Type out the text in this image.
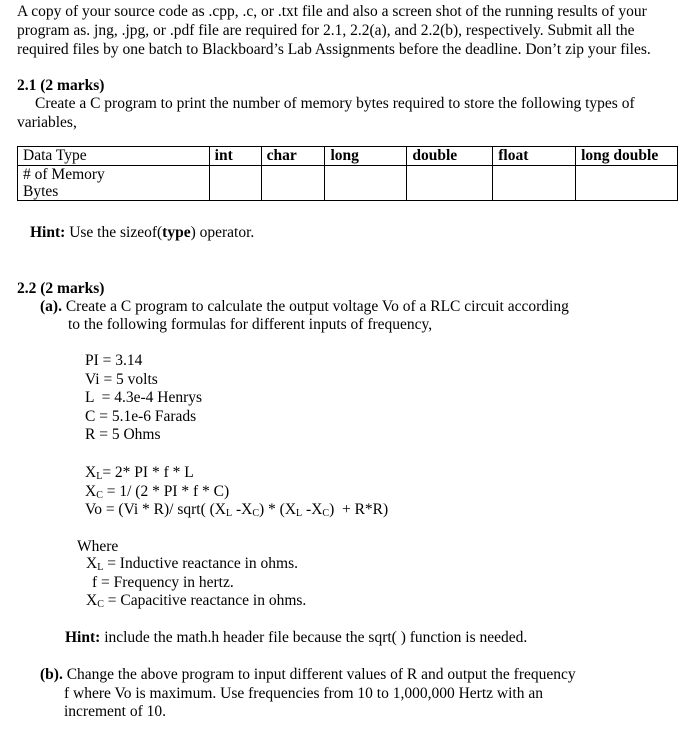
A copy of your source code as .cpp, .c, or .txt file and also a screen shot of the running results of your
program as. jng, .jpg, or .pdf file are required for 2.1, 2.2(a), and 2.2(b), respectively. Submit all the
required files by one batch to Blackboard’s Lab Assignments before the deadline. Don’t zip your files.
2.1 (2 marks)
Create a C program to print the number of memory bytes required to store the following types of
variables,
Data Type	int	char	long	double	float	long double

# of Memory
Bytes						

Hint: Use the sizeof(type) operator.
2.2 (2 marks)
(a). Create a C program to calculate the output voltage Vo of a RLC circuit according
to the following formulas for different inputs of frequency,
PI = 3.14
Vi = 5 volts
L  = 4.3e-4 Henrys
C = 5.1e-6 Farads
R = 5 Ohms
$X_L= 2*$ PI * f * L
$X_C = 1/$ (2 * PI * f * C)
Vo = (Vi * R)/ sqrt( ($X_L$ $-X_C) * (X_L$ $-X_C) + R*R$)
Where
$X_L$ = Inductive reactance in ohms.
f = Frequency in hertz.
$X_C$ = Capacitive reactance in ohms.
Hint: include the math.h header file because the sqrt( ) function is needed.
(b). Change the above program to input different values of R and output the frequency
f where Vo is maximum. Use frequencies from 10 to 1,000,000 Hertz with an
increment of 10.
